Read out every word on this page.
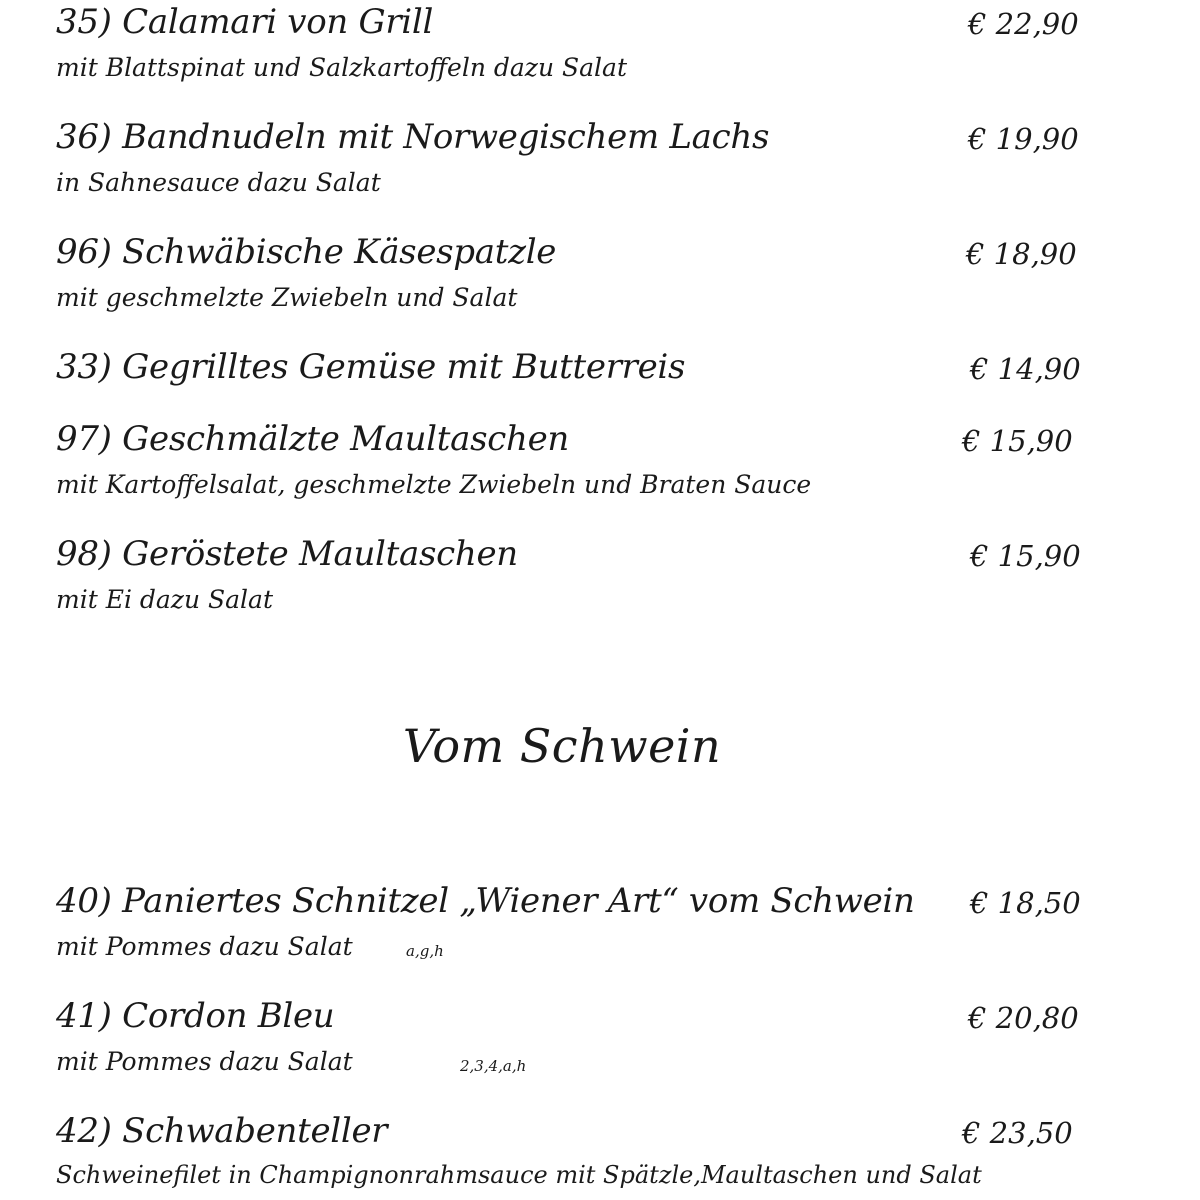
35) Calamari von Grill	€ 22,90
mit Blattspinat und Salzkartoffeln dazu Salat
36) Bandnudeln mit Norwegischem Lachs	€ 19,90
in Sahnesauce dazu Salat
96) Schwäbische Käsespatzle	€ 18,90
mit geschmelzte Zwiebeln und Salat
33) Gegrilltes Gemüse mit Butterreis	€ 14,90
97) Geschmälzte Maultaschen	€ 15,90
mit Kartoffelsalat, geschmelzte Zwiebeln und Braten Sauce
98) Geröstete Maultaschen	€ 15,90
mit Ei dazu Salat
Vom Schwein
40) Paniertes Schnitzel „Wiener Art“ vom Schwein € 18,50
mit Pommes dazu Salat	a,g,h
41) Cordon Bleu	€ 20,80
mit Pommes dazu Salat	2,3,4,a,h
42) Schwabenteller	€ 23,50
Schweinefilet in Champignonrahmsauce mit Spätzle,Maultaschen und Salat
